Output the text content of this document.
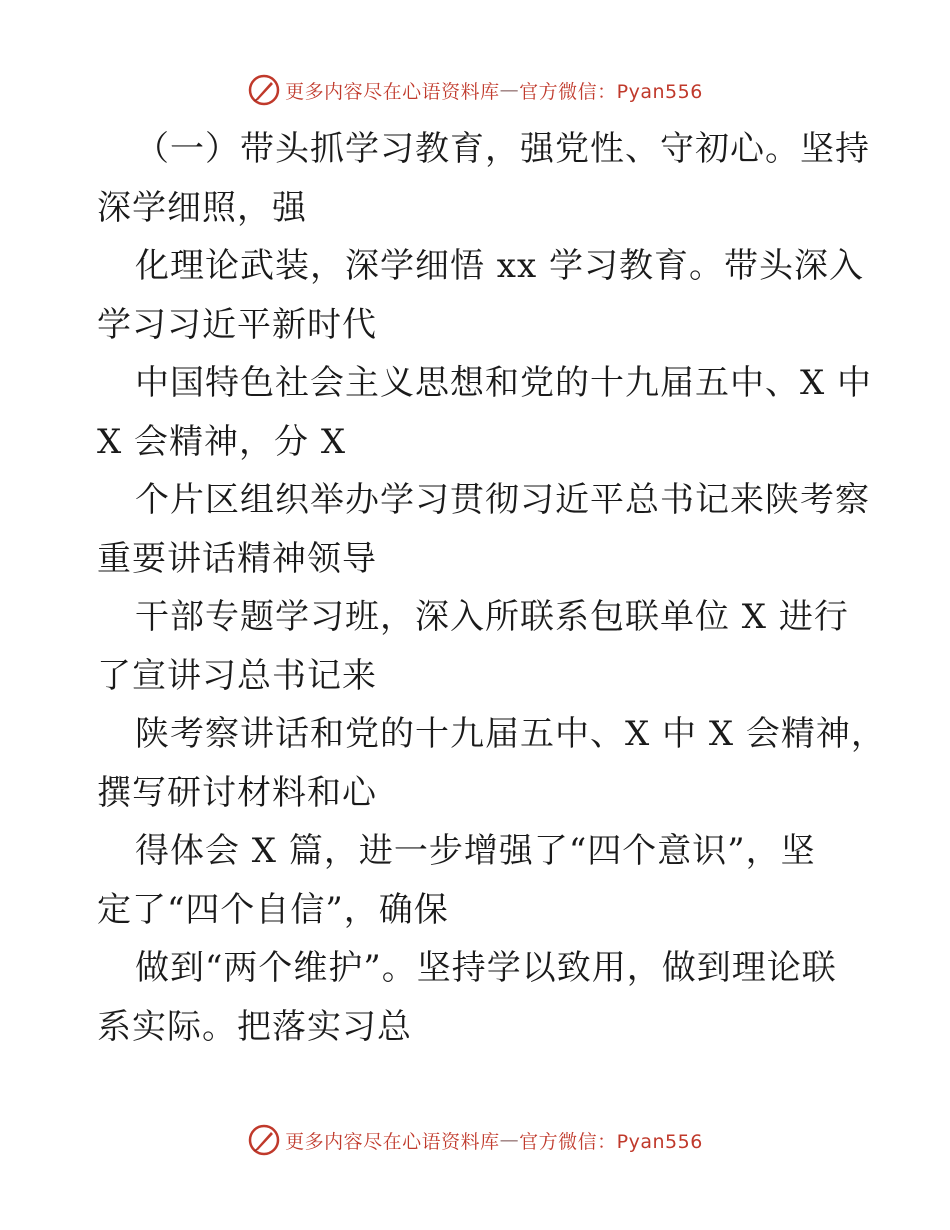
更多内容尽在心语资料库 — 官方微信：Pyan556

（一）带头抓学习教育，强党性、守初心。坚持

深学细照，强

化理论武装，深学细悟 xx 学习教育。带头深入

学习习近平新时代

中国特色社会主义思想和党的十九届五中、X 中

X 会精神，分 X

个片区组织举办学习贯彻习近平总书记来陕考察

重要讲话精神领导

干部专题学习班，深入所联系包联单位 X 进行

了宣讲习总书记来

陕考察讲话和党的十九届五中、X 中 X 会精神，

撰写研讨材料和心

得体会 X 篇，进一步增强了“四个意识”，坚

定了“四个自信”，确保

做到“两个维护”。坚持学以致用，做到理论联

系实际。把落实习总

更多内容尽在心语资料库 — 官方微信：Pyan556
